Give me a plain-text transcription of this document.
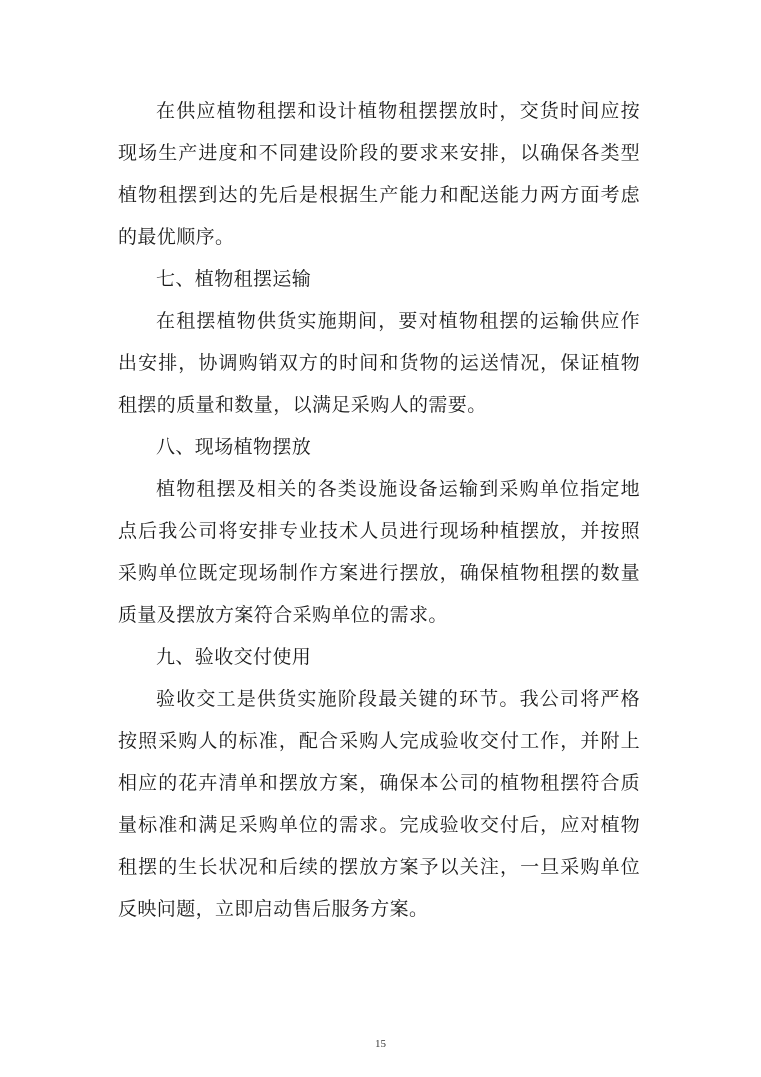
在供应植物租摆和设计植物租摆摆放时，交货时间应按现场生产进度和不同建设阶段的要求来安排，以确保各类型植物租摆到达的先后是根据生产能力和配送能力两方面考虑的最优顺序。

七、植物租摆运输

在租摆植物供货实施期间，要对植物租摆的运输供应作出安排，协调购销双方的时间和货物的运送情况，保证植物租摆的质量和数量，以满足采购人的需要。

八、现场植物摆放

植物租摆及相关的各类设施设备运输到采购单位指定地点后我公司将安排专业技术人员进行现场种植摆放，并按照采购单位既定现场制作方案进行摆放，确保植物租摆的数量质量及摆放方案符合采购单位的需求。

九、验收交付使用

验收交工是供货实施阶段最关键的环节。我公司将严格按照采购人的标准，配合采购人完成验收交付工作，并附上相应的花卉清单和摆放方案，确保本公司的植物租摆符合质量标准和满足采购单位的需求。完成验收交付后，应对植物租摆的生长状况和后续的摆放方案予以关注，一旦采购单位反映问题，立即启动售后服务方案。

15
